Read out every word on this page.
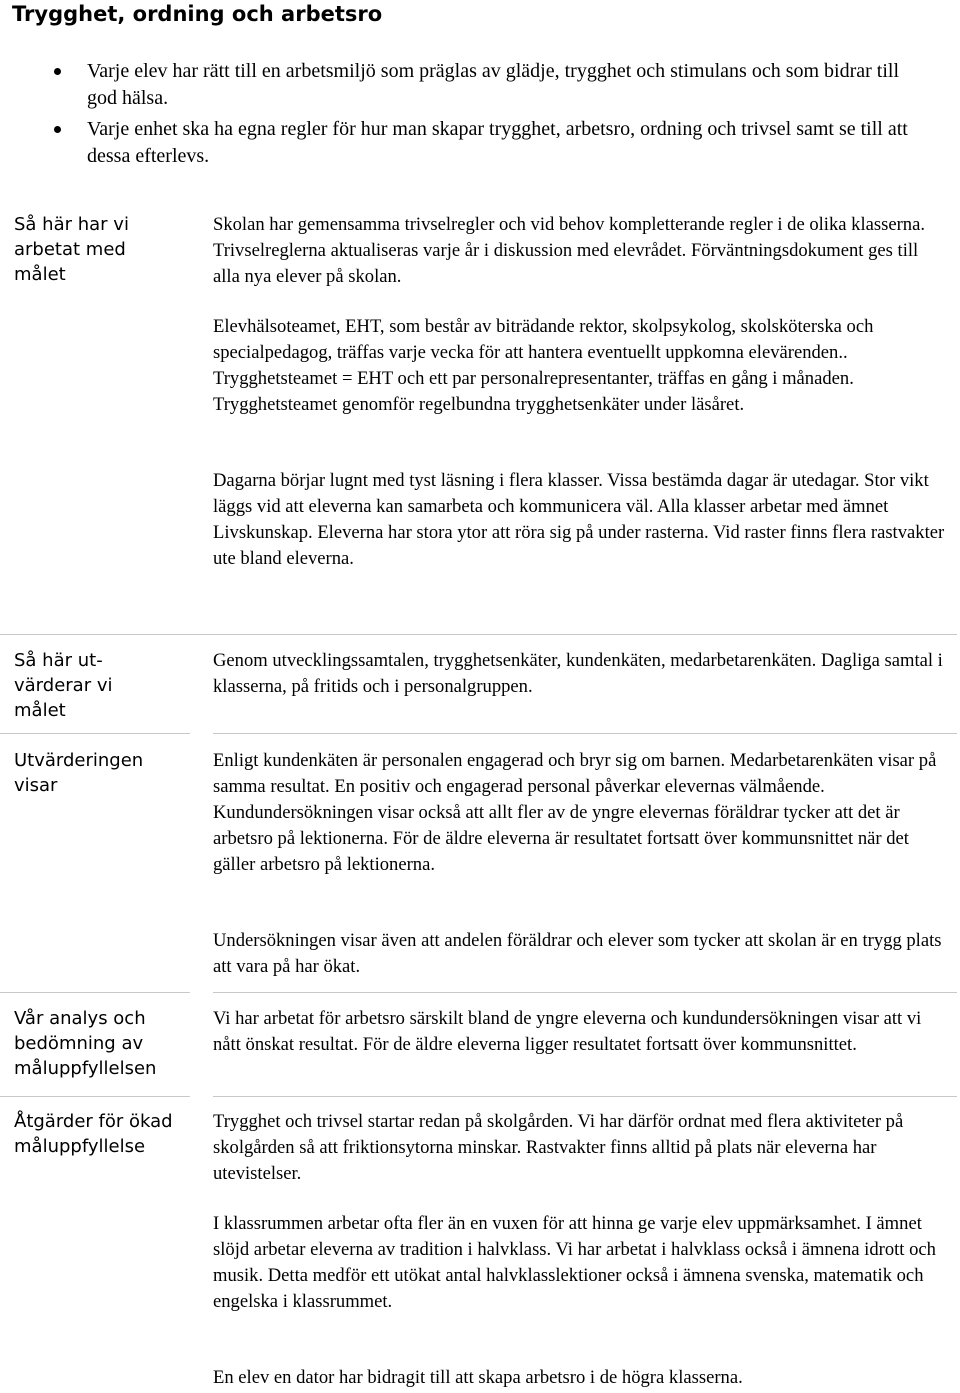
Trygghet, ordning och arbetsro
Varje elev har rätt till en arbetsmiljö som präglas av glädje, trygghet och stimulans och som bidrar till god hälsa.
Varje enhet ska ha egna regler för hur man skapar trygghet, arbetsro, ordning och trivsel samt se till att dessa efterlevs.
Så här har vi arbetat med målet

Skolan har gemensamma trivselregler och vid behov kompletterande regler i de olika klasserna. Trivselreglerna aktualiseras varje år i diskussion med elevrådet. Förväntningsdokument ges till alla nya elever på skolan.

Elevhälsoteamet, EHT, som består av biträdande rektor, skolpsykolog, skolsköterska och specialpedagog, träffas varje vecka för att hantera eventuellt uppkomna elevärenden.. Trygghetsteamet = EHT och ett par personalrepresentanter, träffas en gång i månaden. Trygghetsteamet genomför regelbundna trygghetsenkäter under läsåret.

Dagarna börjar lugnt med tyst läsning i flera klasser. Vissa bestämda dagar är utedagar. Stor vikt läggs vid att eleverna kan samarbeta och kommunicera väl. Alla klasser arbetar med ämnet Livskunskap. Eleverna har stora ytor att röra sig på under rasterna. Vid raster finns flera rastvakter ute bland eleverna.

Så här ut-värderar vi målet

Genom utvecklingssamtalen, trygghetsenkäter, kundenkäten, medarbetarenkäten. Dagliga samtal i klasserna, på fritids och i personalgruppen.

Utvärderingen visar

Enligt kundenkäten är personalen engagerad och bryr sig om barnen. Medarbetarenkäten visar på samma resultat. En positiv och engagerad personal påverkar elevernas välmående. Kundundersökningen visar också att allt fler av de yngre elevernas föräldrar tycker att det är arbetsro på lektionerna. För de äldre eleverna är resultatet fortsatt över kommunsnittet när det gäller arbetsro på lektionerna.

Undersökningen visar även att andelen föräldrar och elever som tycker att skolan är en trygg plats att vara på har ökat.

Vår analys och bedömning av måluppfyllelsen

Vi har arbetat för arbetsro särskilt bland de yngre eleverna och kundundersökningen visar att vi nått önskat resultat. För de äldre eleverna ligger resultatet fortsatt över kommunsnittet.

Åtgärder för ökad måluppfyllelse

Trygghet och trivsel startar redan på skolgården. Vi har därför ordnat med flera aktiviteter på skolgården så att friktionsytorna minskar. Rastvakter finns alltid på plats när eleverna har utevistelser.

I klassrummen arbetar ofta fler än en vuxen för att hinna ge varje elev uppmärksamhet. I ämnet slöjd arbetar eleverna av tradition i halvklass. Vi har arbetat i halvklass också i ämnena idrott och musik. Detta medför ett utökat antal halvklasslektioner också i ämnena svenska, matematik och engelska i klassrummet.

En elev en dator har bidragit till att skapa arbetsro i de högra klasserna.
